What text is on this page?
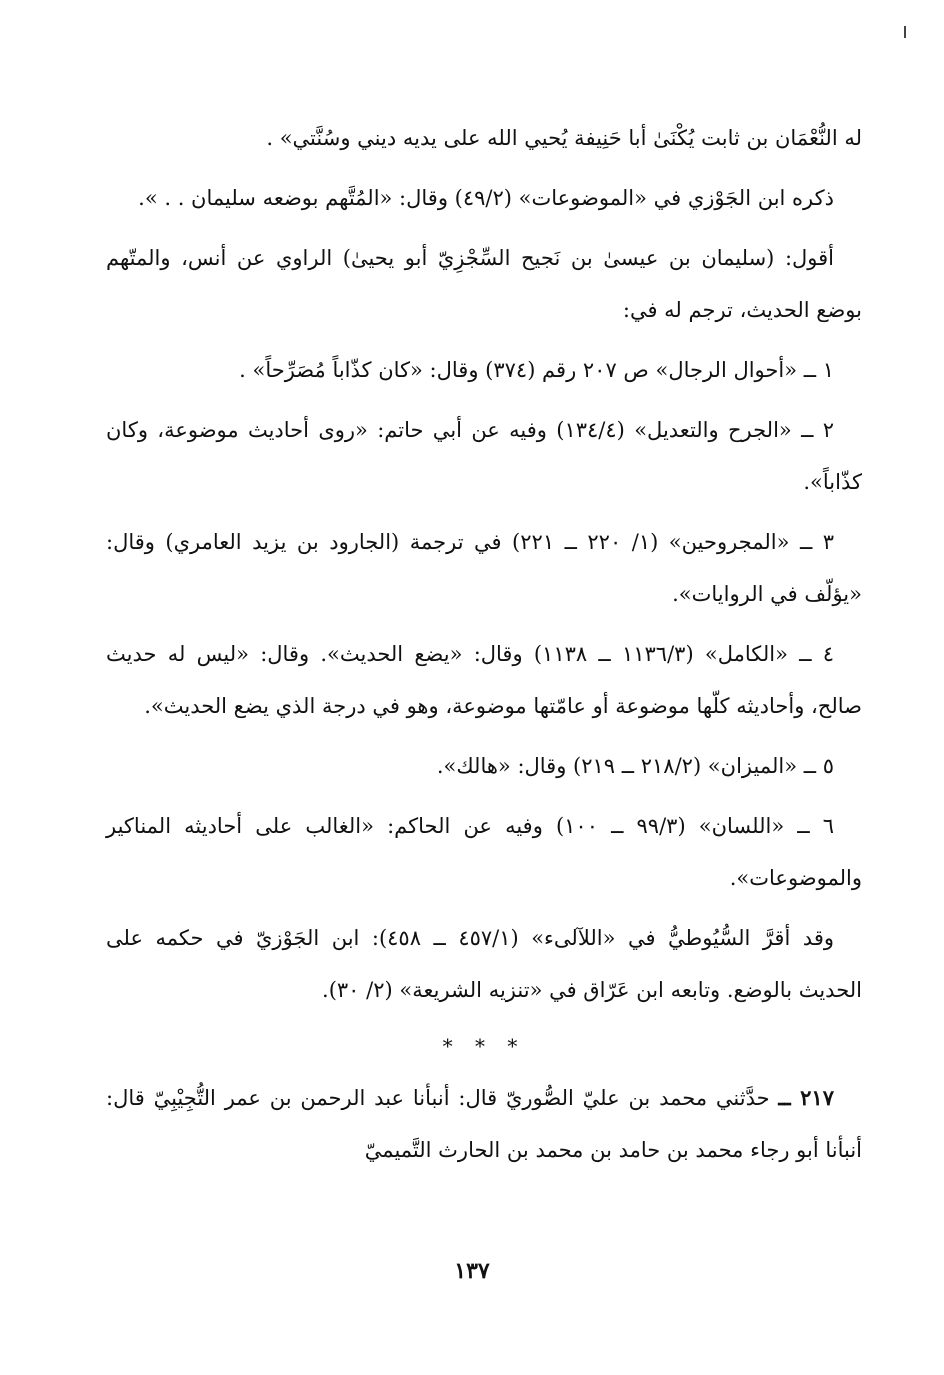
له النُّعْمَان بن ثابت يُكْنَىٰ أبا حَنِيفة يُحيي الله على يديه ديني وسُنَّتي» .

ذكره ابن الجَوْزي في «الموضوعات» (٤٩/٢) وقال: «المُتَّهم بوضعه سليمان . . ».

أقول: (سليمان بن عيسىٰ بن نَجيح السِّجْزِيّ أبو يحيىٰ) الراوي عن أنس، والمتّهم بوضع الحديث، ترجم له في:

١ ــ «أحوال الرجال» ص ٢٠٧ رقم (٣٧٤) وقال: «كان كذّاباً مُصَرِّحاً» .

٢ ــ «الجرح والتعديل» (١٣٤/٤) وفيه عن أبي حاتم: «روى أحاديث موضوعة، وكان كذّاباً».

٣ ــ «المجروحين» (١/ ٢٢٠ ــ ٢٢١) في ترجمة (الجارود بن يزيد العامري) وقال: «يؤلّف في الروايات».

٤ ــ «الكامل» (١١٣٦/٣ ــ ١١٣٨) وقال: «يضع الحديث». وقال: «ليس له حديث صالح، وأحاديثه كلّها موضوعة أو عامّتها موضوعة، وهو في درجة الذي يضع الحديث».

٥ ــ «الميزان» (٢١٨/٢ ــ ٢١٩) وقال: «هالك».

٦ ــ «اللسان» (٩٩/٣ ــ ١٠٠) وفيه عن الحاكم: «الغالب على أحاديثه المناكير والموضوعات».

وقد أقرَّ السُّيُوطيُّ في «اللآلىء» (٤٥٧/١ ــ ٤٥٨): ابن الجَوْزيّ في حكمه على الحديث بالوضع. وتابعه ابن عَرّاق في «تنزيه الشريعة» (٢/ ٣٠).

* * *

٢١٧ ــ حدَّثني محمد بن عليّ الصُّوريّ قال: أنبأنا عبد الرحمن بن عمر التُّجِيْبِيّ قال: أنبأنا أبو رجاء محمد بن حامد بن محمد بن الحارث التَّميميّ

١٣٧
